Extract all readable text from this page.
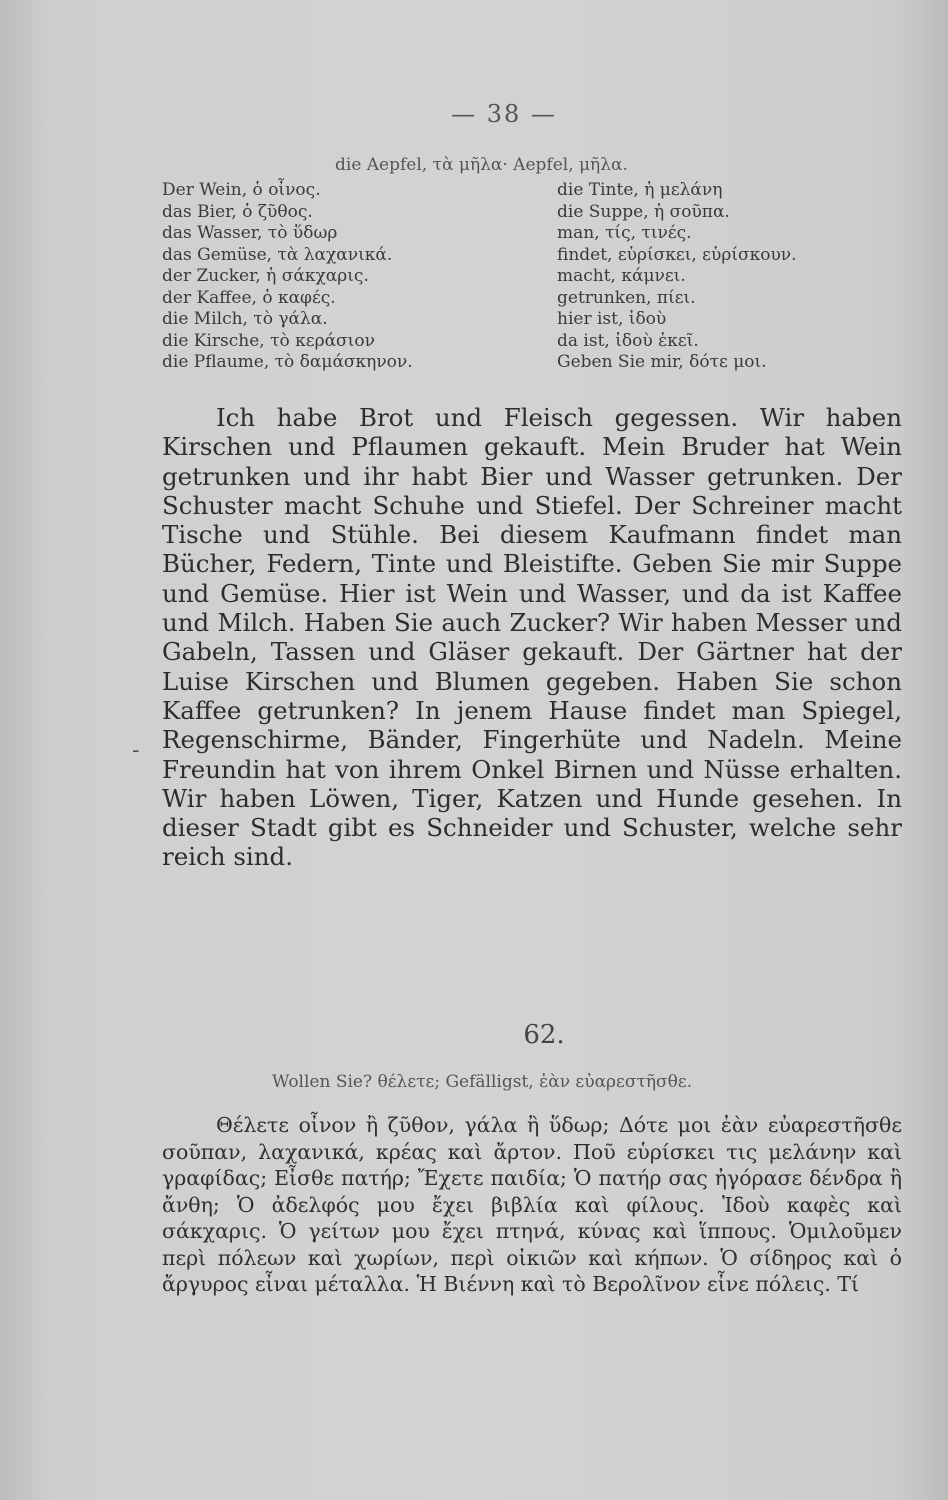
— 38 —
die Aepfel, τὰ μῆλα· Aepfel, μῆλα.
Der Wein, ὁ οἶνος.	die Tinte, ἡ μελάνη
das Bier, ὁ ζῦθος.	die Suppe, ἡ σοῦπα.
das Wasser, τὸ ὕδωρ	man, τίς, τινές.
das Gemüse, τὰ λαχανικά.	findet, εὑρίσκει, εὑρίσκουν.
der Zucker, ἡ σάκχαρις.	macht, κάμνει.
der Kaffee, ὁ καφές.	getrunken, πίει.
die Milch, τὸ γάλα.	hier ist, ἰδοὺ
die Kirsche, τὸ κεράσιον	da ist, ἰδοὺ ἐκεῖ.
die Pflaume, τὸ δαμάσκηνον.	Geben Sie mir, δότε μοι.

Ich habe Brot und Fleisch gegessen. Wir haben Kirschen und Pflaumen gekauft. Mein Bruder hat Wein getrunken und ihr habt Bier und Wasser getrunken. Der Schuster macht Schuhe und Stiefel. Der Schreiner macht Tische und Stühle. Bei diesem Kaufmann findet man Bücher, Federn, Tinte und Bleistifte. Geben Sie mir Suppe und Gemüse. Hier ist Wein und Wasser, und da ist Kaffee und Milch. Haben Sie auch Zucker? Wir haben Messer und Gabeln, Tassen und Gläser gekauft. Der Gärtner hat der Luise Kirschen und Blumen gegeben. Haben Sie schon Kaffee getrunken? In jenem Hause findet man Spiegel, Regenschirme, Bänder, Fingerhüte und Nadeln. Meine Freundin hat von ihrem Onkel Birnen und Nüsse erhalten. Wir haben Löwen, Tiger, Katzen und Hunde gesehen. In dieser Stadt gibt es Schneider und Schuster, welche sehr reich sind.

-
62.
Wollen Sie? θέλετε; Gefälligst, ἐὰν εὐαρεστῆσθε.

Θέλετε οἶνον ἢ ζῦθον, γάλα ἢ ὕδωρ; Δότε μοι ἐὰν εὐαρεστῆσθε σοῦπαν, λαχανικά, κρέας καὶ ἄρτον. Ποῦ εὑρίσκει τις μελάνην καὶ γραφίδας; Εἶσθε πατήρ; Ἔχετε παιδία; Ὁ πατήρ σας ἠγόρασε δένδρα ἢ ἄνθη; Ὁ ἀδελφός μου ἔχει βιβλία καὶ φίλους. Ἰδοὺ καφὲς καὶ σάκχαρις. Ὁ γείτων μου ἔχει πτηνά, κύνας καὶ ἵππους. Ὁμιλοῦμεν περὶ πόλεων καὶ χωρίων, περὶ οἰκιῶν καὶ κήπων. Ὁ σίδηρος καὶ ὁ ἄργυρος εἶναι μέταλλα. Ἡ Βιέννη καὶ τὸ Βερολῖνον εἶνε πόλεις. Τί
